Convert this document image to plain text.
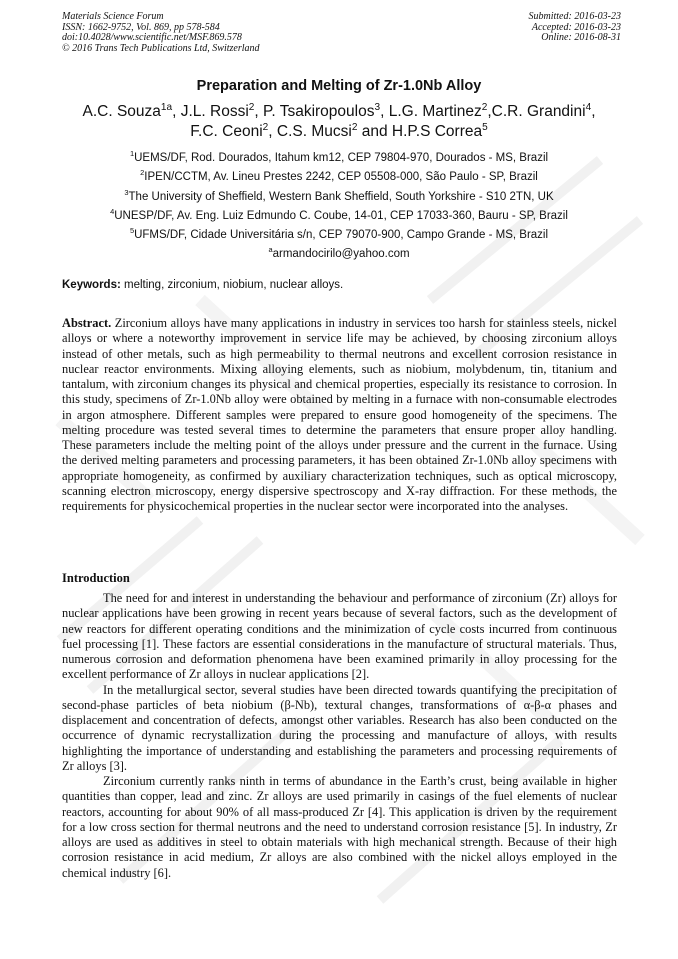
Materials Science Forum
ISSN: 1662-9752, Vol. 869, pp 578-584
doi:10.4028/www.scientific.net/MSF.869.578
© 2016 Trans Tech Publications Ltd, Switzerland
Submitted: 2016-03-23
Accepted: 2016-03-23
Online: 2016-08-31
Preparation and Melting of Zr-1.0Nb Alloy
A.C. Souza$^{1a}$, J.L. Rossi$^2$, P. Tsakiropoulos$^3$, L.G. Martinez$^2$,C.R. Grandini$^4$,
F.C. Ceoni$^2$, C.S. Mucsi$^2$ and H.P.S Correa$^5$
$^1$UEMS/DF, Rod. Dourados, Itahum km12, CEP 79804-970, Dourados - MS, Brazil
$^2$IPEN/CCTM, Av. Lineu Prestes 2242, CEP 05508-000, São Paulo - SP, Brazil
$^3$The University of Sheffield, Western Bank Sheffield, South Yorkshire - S10 2TN, UK
$^4$UNESP/DF, Av. Eng. Luiz Edmundo C. Coube, 14-01, CEP 17033-360, Bauru - SP, Brazil
$^5$UFMS/DF, Cidade Universitária s/n, CEP 79070-900, Campo Grande - MS, Brazil
$^a$armandocirilo@yahoo.com
Keywords: melting, zirconium, niobium, nuclear alloys.
Abstract. Zirconium alloys have many applications in industry in services too harsh for stainless steels, nickel alloys or where a noteworthy improvement in service life may be achieved, by choosing zirconium alloys instead of other metals, such as high permeability to thermal neutrons and excellent corrosion resistance in nuclear reactor environments. Mixing alloying elements, such as niobium, molybdenum, tin, titanium and tantalum, with zirconium changes its physical and chemical properties, especially its resistance to corrosion. In this study, specimens of Zr-1.0Nb alloy were obtained by melting in a furnace with non-consumable electrodes in argon atmosphere. Different samples were prepared to ensure good homogeneity of the specimens. The melting procedure was tested several times to determine the parameters that ensure proper alloy handling. These parameters include the melting point of the alloys under pressure and the current in the furnace. Using the derived melting parameters and processing parameters, it has been obtained Zr-1.0Nb alloy specimens with appropriate homogeneity, as confirmed by auxiliary characterization techniques, such as optical microscopy, scanning electron microscopy, energy dispersive spectroscopy and X-ray diffraction. For these methods, the requirements for physicochemical properties in the nuclear sector were incorporated into the analyses.
Introduction

The need for and interest in understanding the behaviour and performance of zirconium (Zr) alloys for nuclear applications have been growing in recent years because of several factors, such as the development of new reactors for different operating conditions and the minimization of cycle costs incurred from continuous fuel processing [1]. These factors are essential considerations in the manufacture of structural materials. Thus, numerous corrosion and deformation phenomena have been examined primarily in alloy processing for the excellent performance of Zr alloys in nuclear applications [2].

In the metallurgical sector, several studies have been directed towards quantifying the precipitation of second-phase particles of beta niobium (β-Nb), textural changes, transformations of α-β-α phases and displacement and concentration of defects, amongst other variables. Research has also been conducted on the occurrence of dynamic recrystallization during the processing and manufacture of alloys, with results highlighting the importance of understanding and establishing the parameters and processing requirements of Zr alloys [3].

Zirconium currently ranks ninth in terms of abundance in the Earth’s crust, being available in higher quantities than copper, lead and zinc. Zr alloys are used primarily in casings of the fuel elements of nuclear reactors, accounting for about 90% of all mass-produced Zr [4]. This application is driven by the requirement for a low cross section for thermal neutrons and the need to understand corrosion resistance [5]. In industry, Zr alloys are used as additives in steel to obtain materials with high mechanical strength. Because of their high corrosion resistance in acid medium, Zr alloys are also combined with the nickel alloys employed in the chemical industry [6].
